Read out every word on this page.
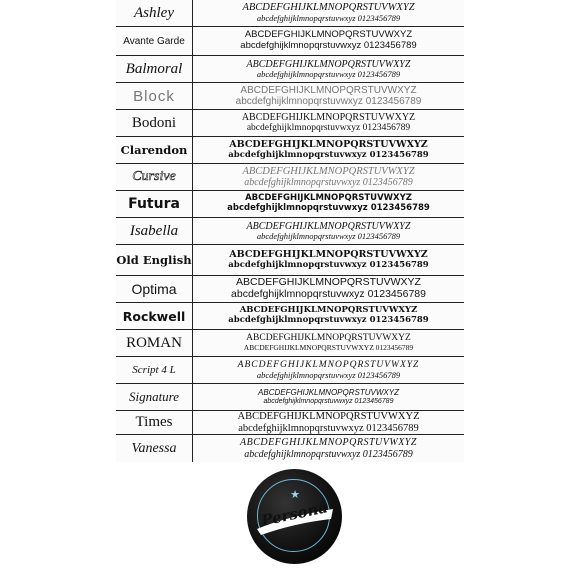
Ashley	ABCDEFGHIJKLMNOPQRSTUVWXYZ
abcdefghijklmnopqrstuvwxyz 0123456789
Avante Garde
ABCDEFGHIJKLMNOPQRSTUVWXYZ
abcdefghijklmnopqrstuvwxyz 0123456789
Balmoral	ABCDEFGHIJKLMNOPQRSTUVWXYZ
abcdefghijklmnopqrstuvwxyz 0123456789
Block	ABCDEFGHIJKLMNOPQRSTUVWXYZ
abcdefghijklmnopqrstuvwxyz 0123456789
Bodoni	ABCDEFGHIJKLMNOPQRSTUVWXYZ
abcdefghijklmnopqrstuvwxyz 0123456789
Clarendon	ABCDEFGHIJKLMNOPQRSTUVWXYZ
abcdefghijklmnopqrstuvwxyz 0123456789
Cursive	ABCDEFGHIJKLMNOPQRSTUVWXYZ
abcdefghijklmnopqrstuvwxyz 0123456789
Futura	ABCDEFGHIJKLMNOPQRSTUVWXYZ
abcdefghijklmnopqrstuvwxyz 0123456789
Isabella	ABCDEFGHIJKLMNOPQRSTUVWXYZ
abcdefghijklmnopqrstuvwxyz 0123456789
Old English	ABCDEFGHIJKLMNOPQRSTUVWXYZ
abcdefghijklmnopqrstuvwxyz 0123456789
Optima	ABCDEFGHIJKLMNOPQRSTUVWXYZ
abcdefghijklmnopqrstuvwxyz 0123456789
Rockwell	ABCDEFGHIJKLMNOPQRSTUVWXYZ
abcdefghijklmnopqrstuvwxyz 0123456789
ROMAN	ABCDEFGHIJKLMNOPQRSTUVWXYZ
ABCDEFGHIJKLMNOPQRSTUVWXYZ 0123456789
Script 4 L	ABCDEFGHIJKLMNOPQRSTUVWXYZ
abcdefghijklmnopqrstuvwxyz 0123456789
Signature	ABCDEFGHIJKLMNOPQRSTUVWXYZ
abcdefghijklmnopqrstuvwxyz 0123456789
Times	ABCDEFGHIJKLMNOPQRSTUVWXYZ
abcdefghijklmnopqrstuvwxyz 0123456789
Vanessa	ABCDEFGHIJKLMNOPQRSTUVWXYZ
abcdefghijklmnopqrstuvwxyz 0123456789
★
Personá
